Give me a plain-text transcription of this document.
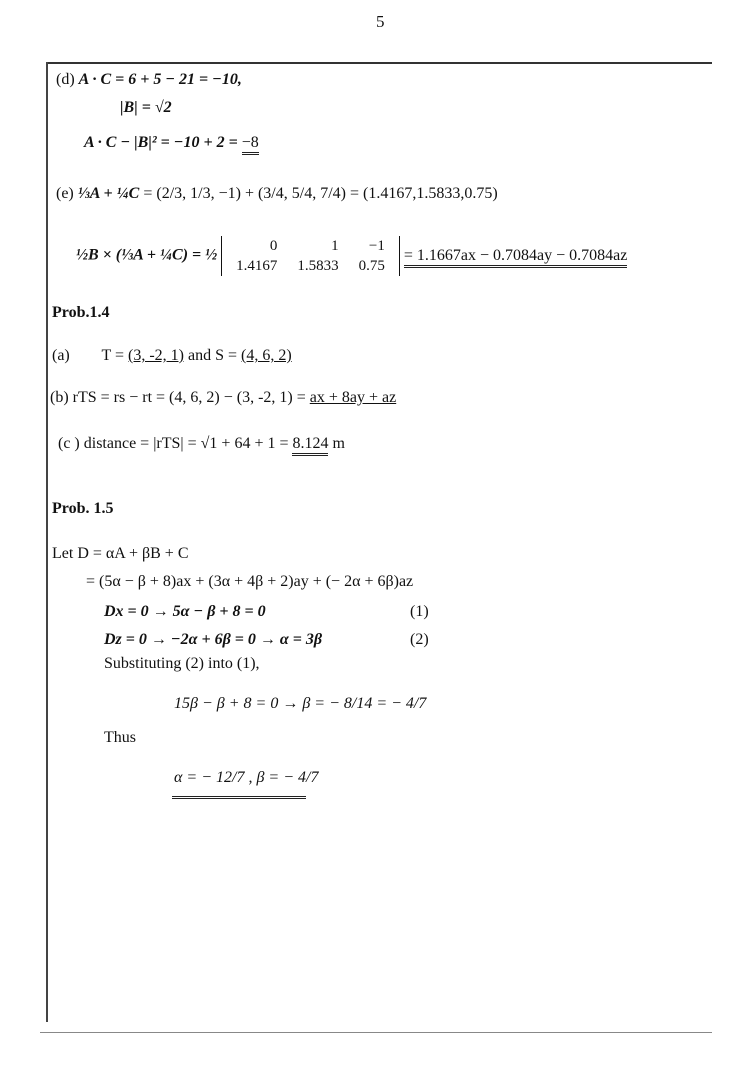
5
(d) A · C = 6 + 5 − 21 = −10,
|B| = √2
A · C − |B|² = −10 + 2 = −8
(e) ⅓A + ¼C = (2/3, 1/3, −1) + (3/4, 5/4, 7/4) = (1.4167,1.5833,0.75)
½B × (⅓A + ¼C) = ½
0	1	−1
1.4167	1.5833	0.75
= 1.1667ax − 0.7084ay − 0.7084az
Prob.1.4
(a) T = (3, -2, 1) and S = (4, 6, 2)
(b) rTS = rs − rt = (4, 6, 2) − (3, -2, 1) = ax + 8ay + az
(c ) distance = |rTS| = √1 + 64 + 1 = 8.124 m
Prob. 1.5
Let D = αA + βB + C
= (5α − β + 8)ax + (3α + 4β + 2)ay + (− 2α + 6β)az
Dx = 0 → 5α − β + 8 = 0	(1)
Dz = 0 → −2α + 6β = 0 → α = 3β	(2)
Substituting (2) into (1),
15β − β + 8 = 0 → β = − 8/14 = − 4/7
Thus
α = − 12/7 , β = − 4/7
